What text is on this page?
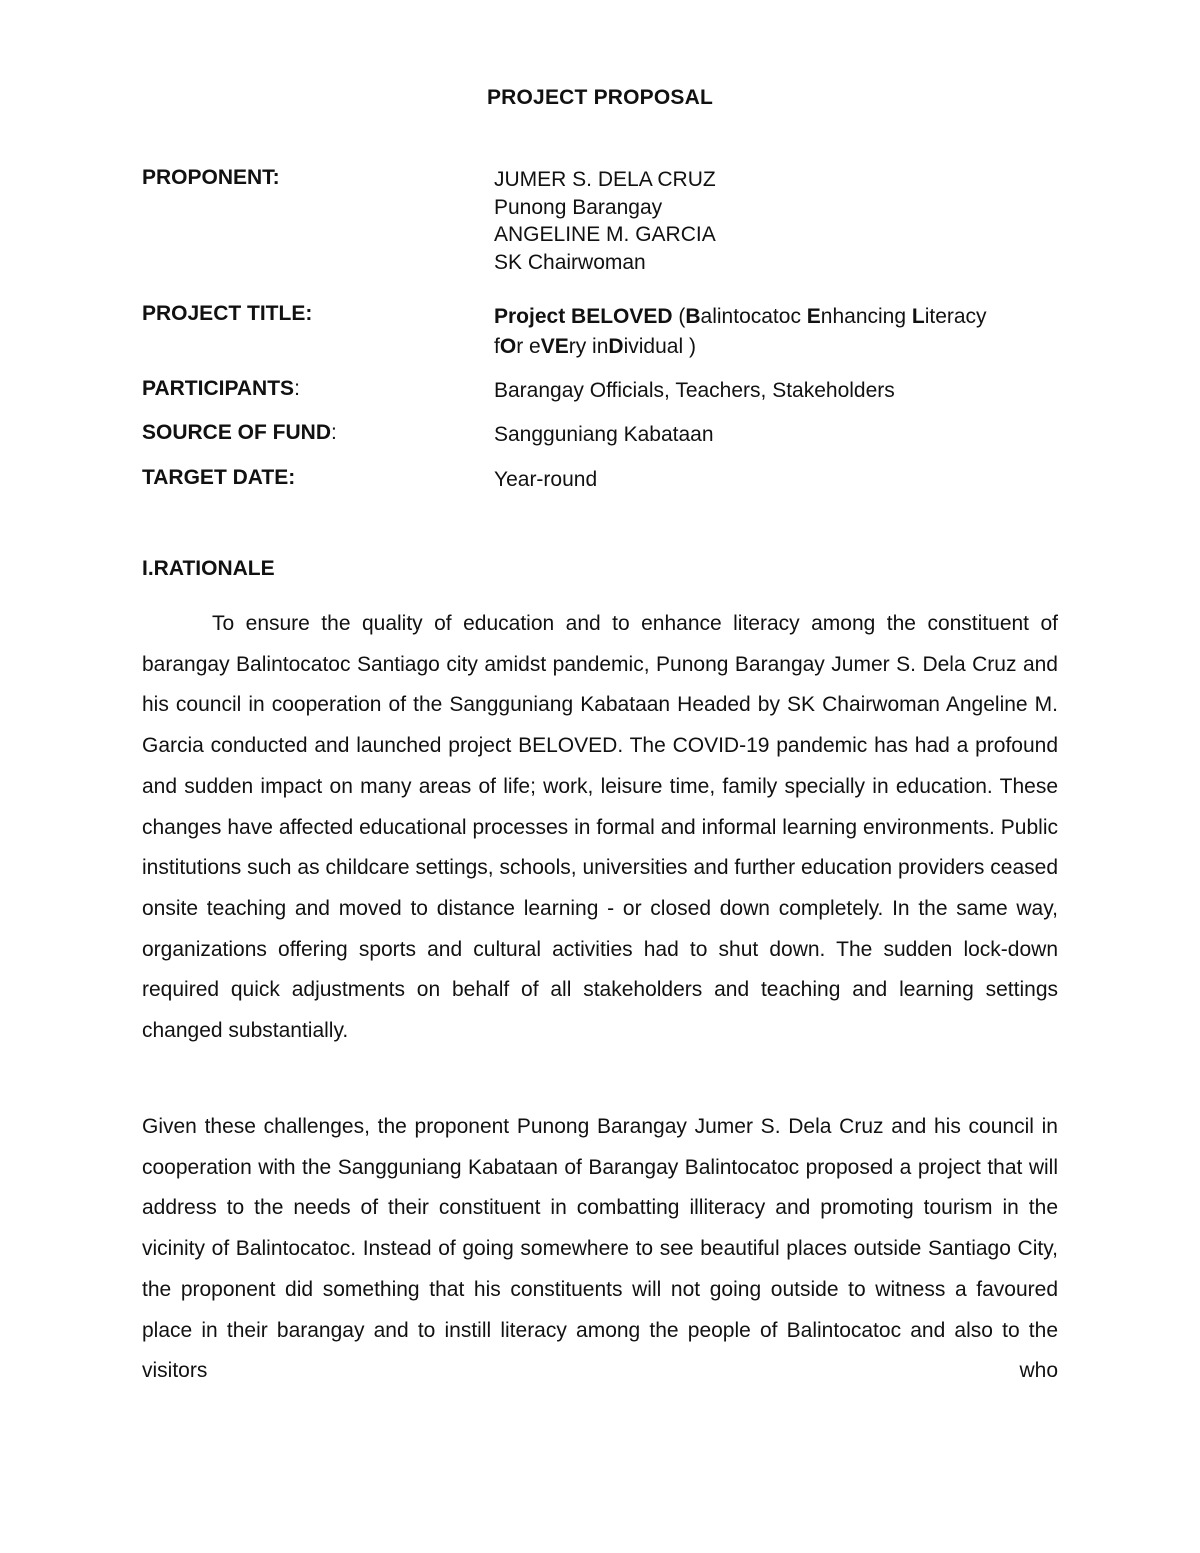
PROJECT PROPOSAL
PROPONENT:	JUMER S. DELA CRUZ
Punong Barangay
ANGELINE M. GARCIA
SK Chairwoman
PROJECT TITLE:	Project BELOVED (Balintocatoc Enhancing Literacy
fOr eVEry inDividual )
PARTICIPANTS:	Barangay Officials, Teachers, Stakeholders
SOURCE OF FUND:	Sangguniang Kabataan
TARGET DATE:	Year-round
I.RATIONALE

To ensure the quality of education and to enhance literacy among the constituent of barangay Balintocatoc Santiago city amidst pandemic, Punong Barangay Jumer S. Dela Cruz and his council in cooperation of the Sangguniang Kabataan Headed by SK Chairwoman Angeline M. Garcia conducted and launched project BELOVED. The COVID-19 pandemic has had a profound and sudden impact on many areas of life; work, leisure time, family specially in education. These changes have affected educational processes in formal and informal learning environments. Public institutions such as childcare settings, schools, universities and further education providers ceased onsite teaching and moved to distance learning - or closed down completely. In the same way, organizations offering sports and cultural activities had to shut down. The sudden lock-down required quick adjustments on behalf of all stakeholders and teaching and learning settings changed substantially.

Given these challenges, the proponent Punong Barangay Jumer S. Dela Cruz and his council in cooperation with the Sangguniang Kabataan of Barangay Balintocatoc proposed a project that will address to the needs of their constituent in combatting illiteracy and promoting tourism in the vicinity of Balintocatoc. Instead of going somewhere to see beautiful places outside Santiago City, the proponent did something that his constituents will not going outside to witness a favoured place in their barangay and to instill literacy among the people of Balintocatoc and also to the visitors who
